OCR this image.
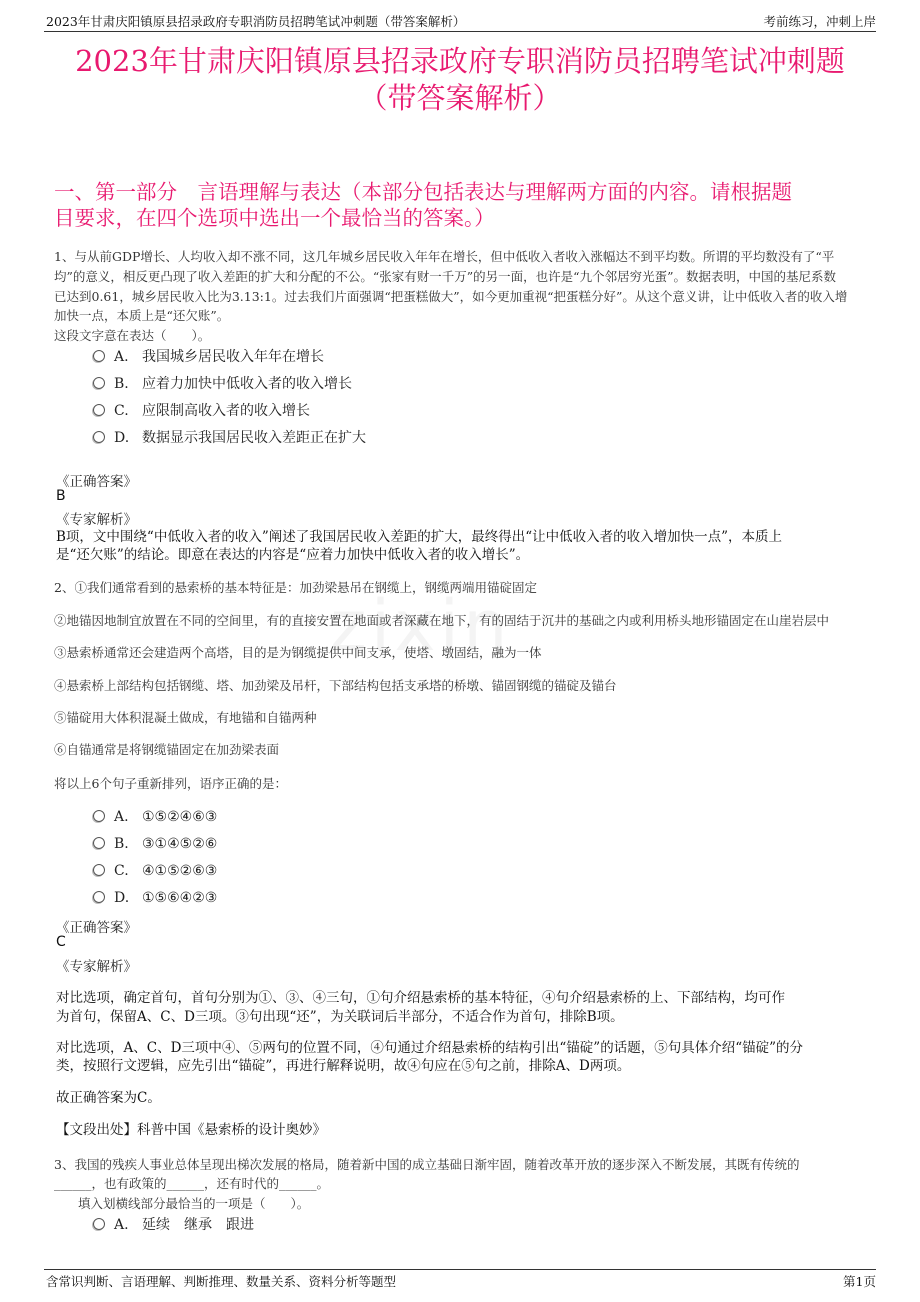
2023年甘肃庆阳镇原县招录政府专职消防员招聘笔试冲刺题（带答案解析）	考前练习，冲刺上岸
2023年甘肃庆阳镇原县招录政府专职消防员招聘笔试冲刺题
（带答案解析）
一、第一部分　言语理解与表达（本部分包括表达与理解两方面的内容。请根据题
目要求，在四个选项中选出一个最恰当的答案。）
1、与从前GDP增长、人均收入却不涨不同，这几年城乡居民收入年年在增长，但中低收入者收入涨幅达不到平均数。所谓的平均数没有了“平
均”的意义，相反更凸现了收入差距的扩大和分配的不公。“张家有财一千万”的另一面，也许是“九个邻居穷光蛋”。数据表明，中国的基尼系数
已达到0.61，城乡居民收入比为3.13:1。过去我们片面强调“把蛋糕做大”，如今更加重视“把蛋糕分好”。从这个意义讲，让中低收入者的收入增
加快一点，本质上是“还欠账”。
这段文字意在表达（　　）。
A. 我国城乡居民收入年年在增长
B. 应着力加快中低收入者的收入增长
C. 应限制高收入者的收入增长
D. 数据显示我国居民收入差距正在扩大
《正确答案》
B
《专家解析》
B项，文中围绕“中低收入者的收入”阐述了我国居民收入差距的扩大，最终得出“让中低收入者的收入增加快一点”，本质上
是“还欠账”的结论。即意在表达的内容是“应着力加快中低收入者的收入增长”。
2、①我们通常看到的悬索桥的基本特征是：加劲梁悬吊在钢缆上，钢缆两端用锚碇固定
②地锚因地制宜放置在不同的空间里，有的直接安置在地面或者深藏在地下，有的固结于沉井的基础之内或利用桥头地形锚固定在山崖岩层中
③悬索桥通常还会建造两个高塔，目的是为钢缆提供中间支承，使塔、墩固结，融为一体
④悬索桥上部结构包括钢缆、塔、加劲梁及吊杆，下部结构包括支承塔的桥墩、锚固钢缆的锚碇及锚台
⑤锚碇用大体积混凝土做成，有地锚和自锚两种
⑥自锚通常是将钢缆锚固定在加劲梁表面
将以上6个句子重新排列，语序正确的是：
A. ①⑤②④⑥③
B. ③①④⑤②⑥
C. ④①⑤②⑥③
D. ①⑤⑥④②③
《正确答案》
C
《专家解析》
对比选项，确定首句，首句分别为①、③、④三句，①句介绍悬索桥的基本特征，④句介绍悬索桥的上、下部结构，均可作
为首句，保留A、C、D三项。③句出现“还”，为关联词后半部分，不适合作为首句，排除B项。
对比选项，A、C、D三项中④、⑤两句的位置不同，④句通过介绍悬索桥的结构引出“锚碇”的话题，⑤句具体介绍“锚碇”的分
类，按照行文逻辑，应先引出“锚碇”，再进行解释说明，故④句应在⑤句之前，排除A、D两项。
故正确答案为C。
【文段出处】科普中国《悬索桥的设计奥妙》
3、我国的残疾人事业总体呈现出梯次发展的格局，随着新中国的成立基础日渐牢固，随着改革开放的逐步深入不断发展，其既有传统的
______，也有政策的______，还有时代的______。
填入划横线部分最恰当的一项是（　　）。
A. 延续　继承　跟进
含常识判断、言语理解、判断推理、数量关系、资料分析等题型	第1页
